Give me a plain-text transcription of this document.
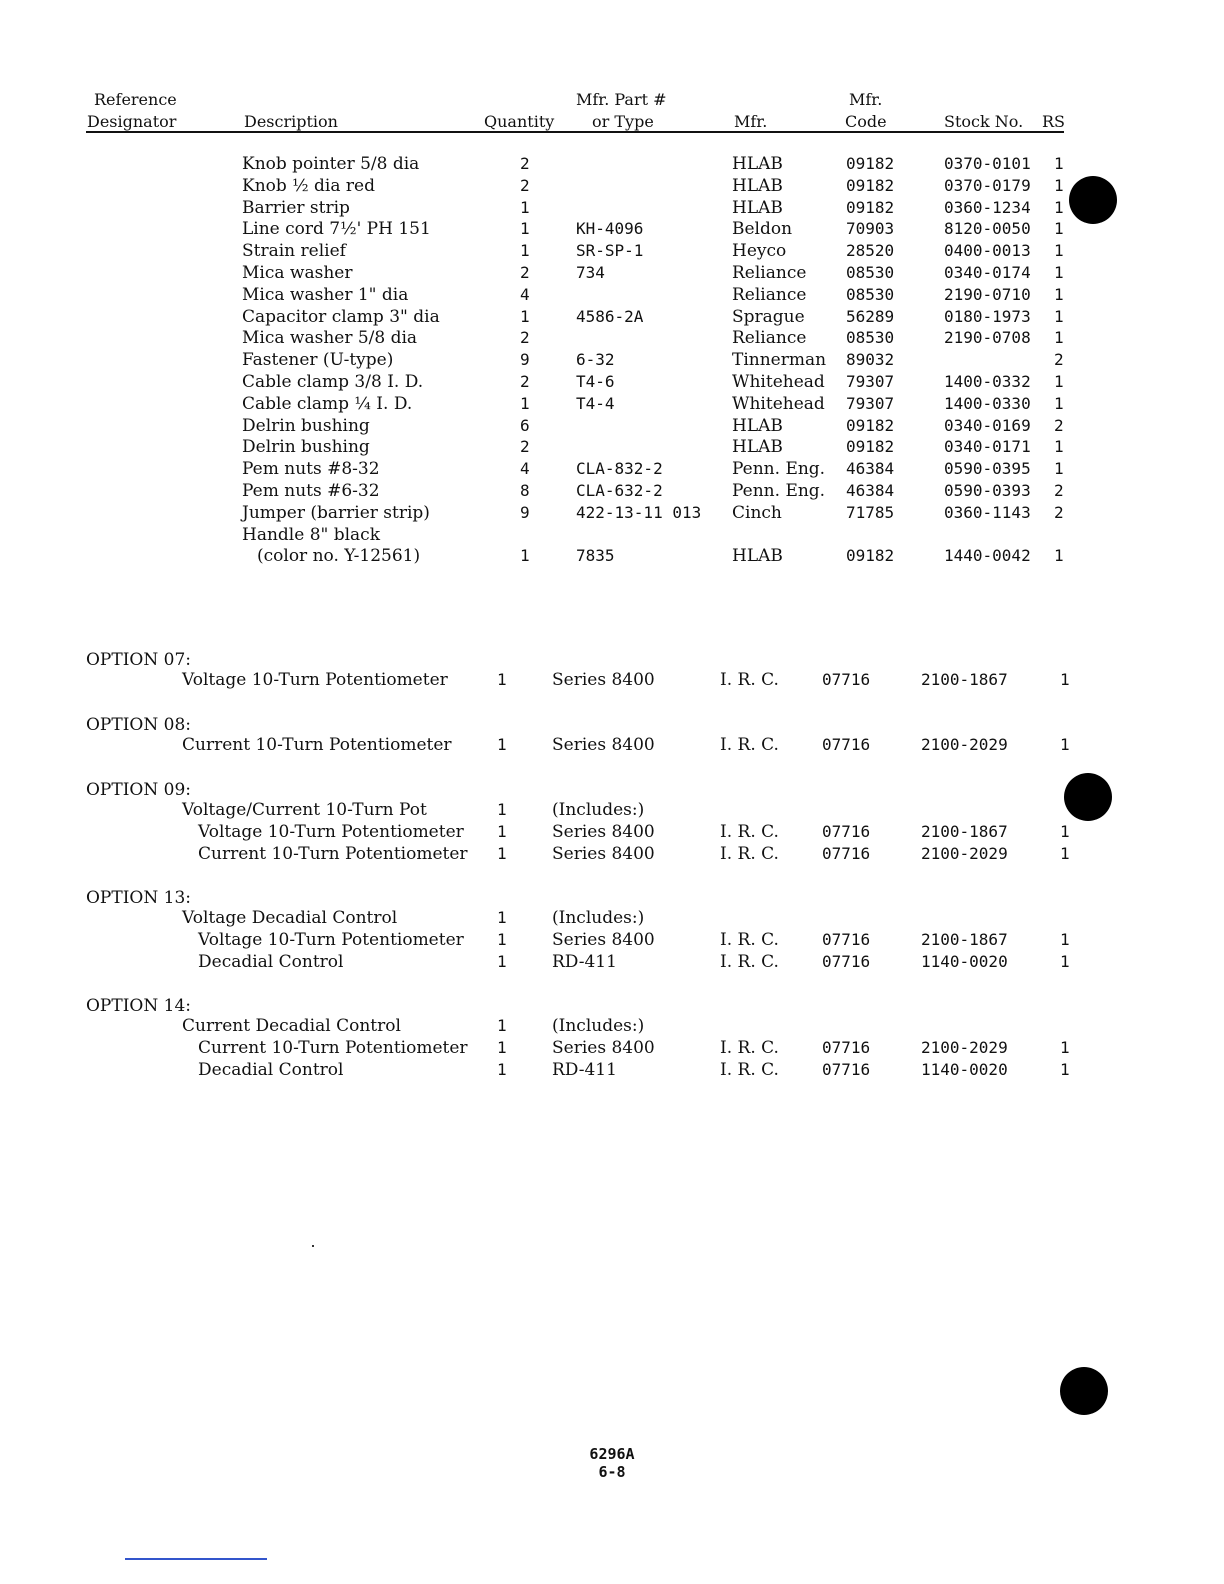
Reference
Designator	Description	Quantity
Mfr. Part #
or Type	Mfr.
Mfr.
Code	Stock No. RS
Knob pointer 5/8 dia	2	HLAB	09182	0370-0101 1
Knob ½ dia red	2	HLAB	09182	0370-0179 1
Barrier strip	1	HLAB	09182	0360-1234 1
Line cord 7½' PH 151	1	KH-4096	Beldon	70903	8120-0050 1
Strain relief	1	SR-SP-1	Heyco	28520	0400-0013 1
Mica washer	2	734	Reliance 08530	0340-0174 1
Mica washer 1" dia	4	Reliance 08530	2190-0710 1
Capacitor clamp 3" dia	1	4586-2A	Sprague	56289	0180-1973 1
Mica washer 5/8 dia	2	Reliance 08530	2190-0708 1
Fastener (U-type)	9	6-32	Tinnerman 89032	2
Cable clamp 3/8 I. D.	2	T4-6	Whitehead 79307	1400-0332 1
Cable clamp ¼ I. D.	1	T4-4	Whitehead 79307	1400-0330 1
Delrin bushing	6	HLAB	09182	0340-0169 2
Delrin bushing	2	HLAB	09182	0340-0171 1
Pem nuts #8-32	4	CLA-832-2	Penn. Eng. 46384	0590-0395 1
Pem nuts #6-32	8	CLA-632-2	Penn. Eng. 46384	0590-0393 2
Jumper (barrier strip)	9	422-13-11 013 Cinch	71785	0360-1143 2
Handle 8" black
(color no. Y-12561)	1	7835	HLAB	09182	1440-0042 1
OPTION 07:
Voltage 10-Turn Potentiometer	1	Series 8400	I. R. C.	07716	2100-1867	1
OPTION 08:
Current 10-Turn Potentiometer	1	Series 8400	I. R. C.	07716	2100-2029	1
OPTION 09:
Voltage/Current 10-Turn Pot	1	(Includes:)
Voltage 10-Turn Potentiometer 1	Series 8400	I. R. C.	07716	2100-1867	1
Current 10-Turn Potentiometer 1	Series 8400	I. R. C.	07716	2100-2029	1
OPTION 13:
Voltage Decadial Control	1	(Includes:)
Voltage 10-Turn Potentiometer 1	Series 8400	I. R. C.	07716	2100-1867	1
Decadial Control	1	RD-411	I. R. C.	07716	1140-0020	1
OPTION 14:
Current Decadial Control	1	(Includes:)
Current 10-Turn Potentiometer 1	Series 8400	I. R. C.	07716	2100-2029	1
Decadial Control	1	RD-411	I. R. C.	07716	1140-0020	1
6296A
6-8
